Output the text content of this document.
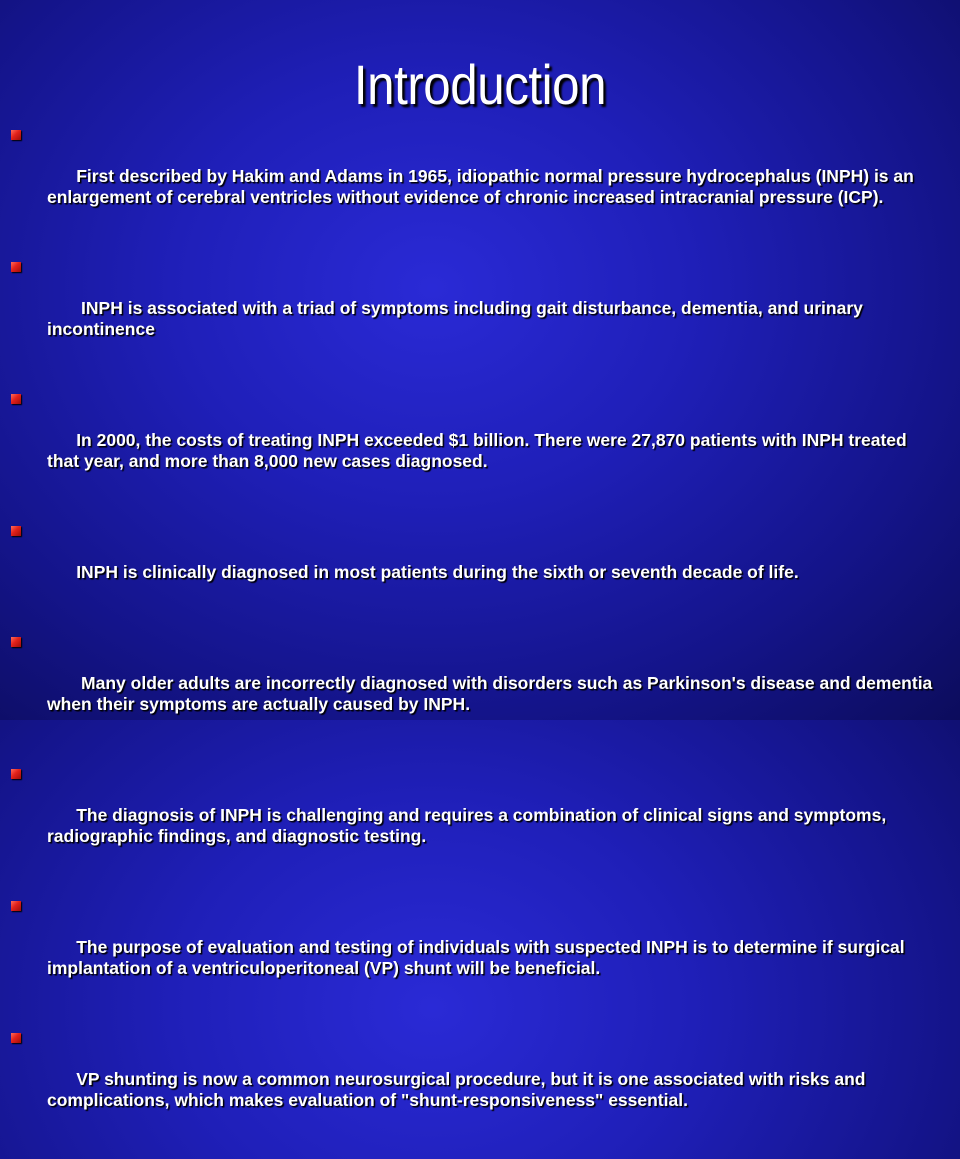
Introduction

First described by Hakim and Adams in 1965, idiopathic normal pressure hydrocephalus (INPH) is an enlargement of cerebral ventricles without evidence of chronic increased intracranial pressure (ICP).

INPH is associated with a triad of symptoms including gait disturbance, dementia, and urinary incontinence

In 2000, the costs of treating INPH exceeded $1 billion. There were 27,870 patients with INPH treated that year, and more than 8,000 new cases diagnosed.

INPH is clinically diagnosed in most patients during the sixth or seventh decade of life.

Many older adults are incorrectly diagnosed with disorders such as Parkinson's disease and dementia when their symptoms are actually caused by INPH.

The diagnosis of INPH is challenging and requires a combination of clinical signs and symptoms, radiographic findings, and diagnostic testing.

The purpose of evaluation and testing of individuals with suspected INPH is to determine if surgical implantation of a ventriculoperitoneal (VP) shunt will be beneficial.

VP shunting is now a common neurosurgical procedure, but it is one associated with risks and complications, which makes evaluation of "shunt-responsiveness" essential.
